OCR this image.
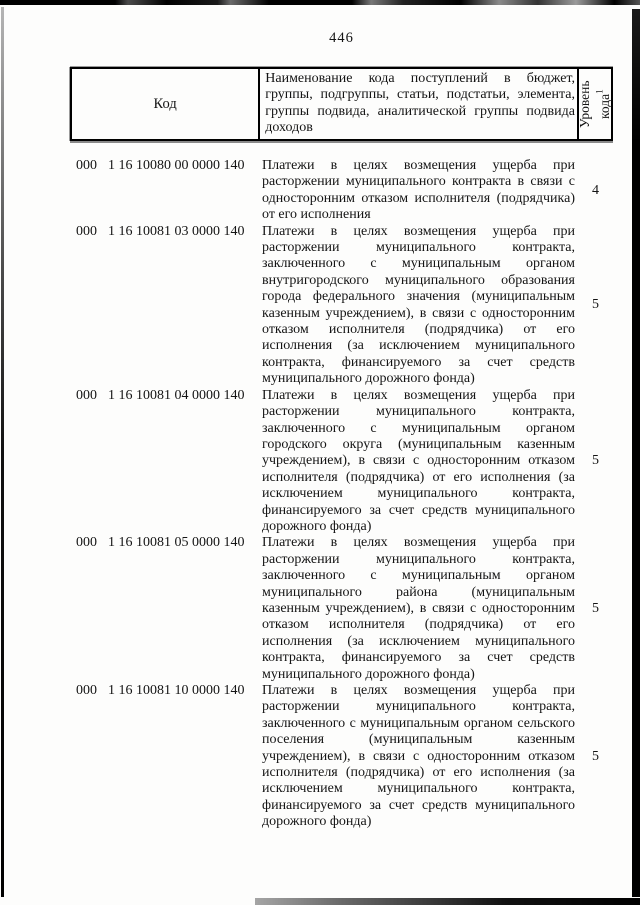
446
Код
Наименование кода поступлений в бюджет, группы, подгруппы, статьи, подстатьи, элемента, группы подвида, аналитической группы подвида доходов	Уровень кода$^1$
000 1 16 10080 00 0000 140 Платежи в целях возмещения ущерба при расторжении муниципального контракта в связи с односторонним отказом исполнителя (подрядчика) от его исполнения
4
000 1 16 10081 03 0000 140 Платежи в целях возмещения ущерба при расторжении муниципального контракта, заключенного с муниципальным органом внутригородского муниципального образования города федерального значения (муниципальным казенным учреждением), в связи с односторонним отказом исполнителя (подрядчика) от его исполнения (за исключением муниципального контракта, финансируемого за счет средств муниципального дорожного фонда)
5
000 1 16 10081 04 0000 140 Платежи в целях возмещения ущерба при расторжении муниципального контракта, заключенного с муниципальным органом городского округа (муниципальным казенным учреждением), в связи с односторонним отказом исполнителя (подрядчика) от его исполнения (за исключением муниципального контракта, финансируемого за счет средств муниципального дорожного фонда)
5
000 1 16 10081 05 0000 140 Платежи в целях возмещения ущерба при расторжении муниципального контракта, заключенного с муниципальным органом муниципального района (муниципальным казенным учреждением), в связи с односторонним отказом исполнителя (подрядчика) от его исполнения (за исключением муниципального контракта, финансируемого за счет средств муниципального дорожного фонда)
5
000 1 16 10081 10 0000 140 Платежи в целях возмещения ущерба при расторжении муниципального контракта, заключенного с муниципальным органом сельского поселения (муниципальным казенным учреждением), в связи с односторонним отказом исполнителя (подрядчика) от его исполнения (за исключением муниципального контракта, финансируемого за счет средств муниципального дорожного фонда)
5
